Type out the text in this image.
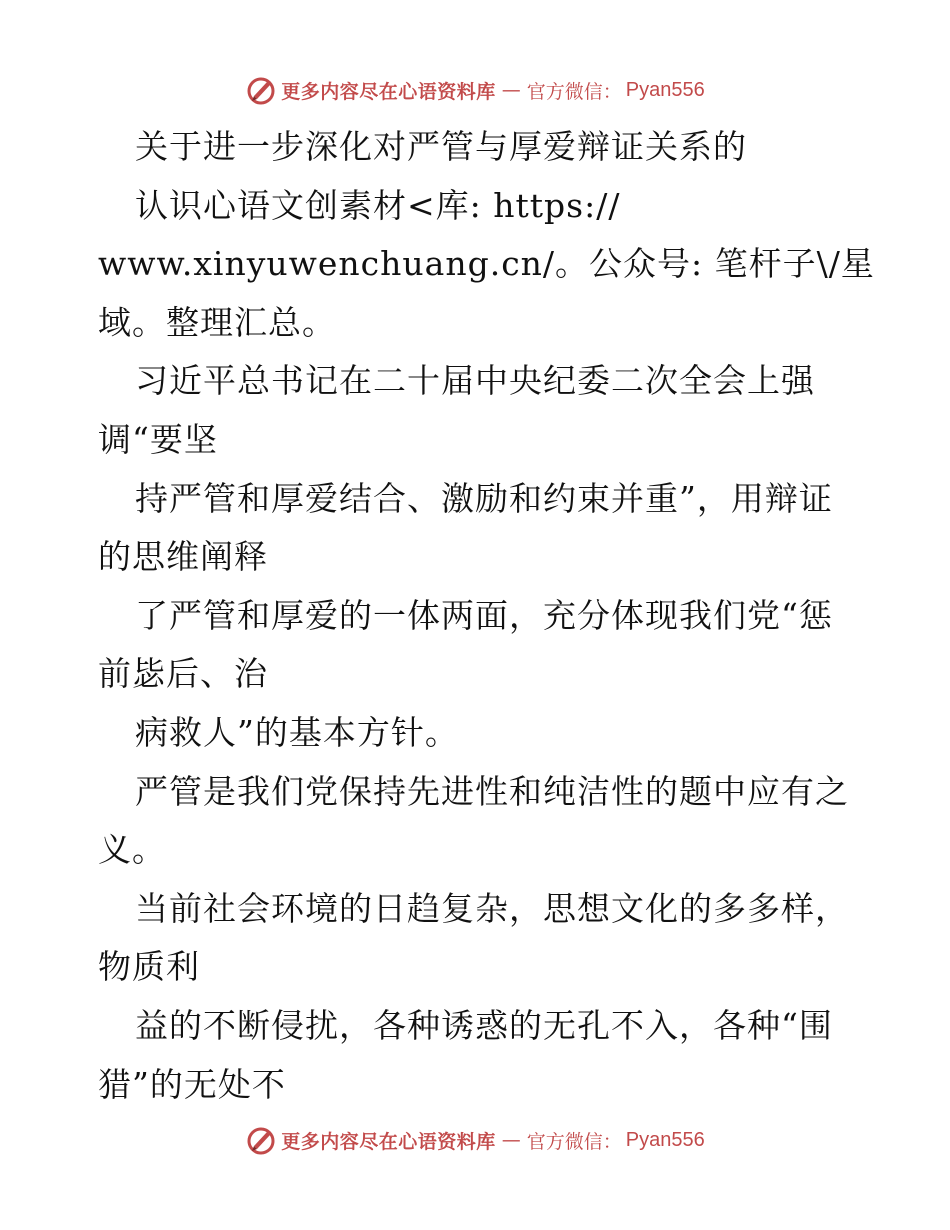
更多内容尽在心语资料库 — 官方微信： Pyan556
关于进一步深化对严管与厚爱辩证关系的
认识心语文创素材<库: https://
www.xinyuwenchuang.cn/。公众号: 笔杆子\/星
域。整理汇总。
习近平总书记在二十届中央纪委二次全会上强
调“要坚
持严管和厚爱结合、激励和约束并重”，用辩证
的思维阐释
了严管和厚爱的一体两面，充分体现我们党“惩
前毖后、治
病救人”的基本方针。
严管是我们党保持先进性和纯洁性的题中应有之
义。
当前社会环境的日趋复杂，思想文化的多多样，
物质利
益的不断侵扰，各种诱惑的无孔不入，各种“围
猎”的无处不
更多内容尽在心语资料库 — 官方微信： Pyan556
